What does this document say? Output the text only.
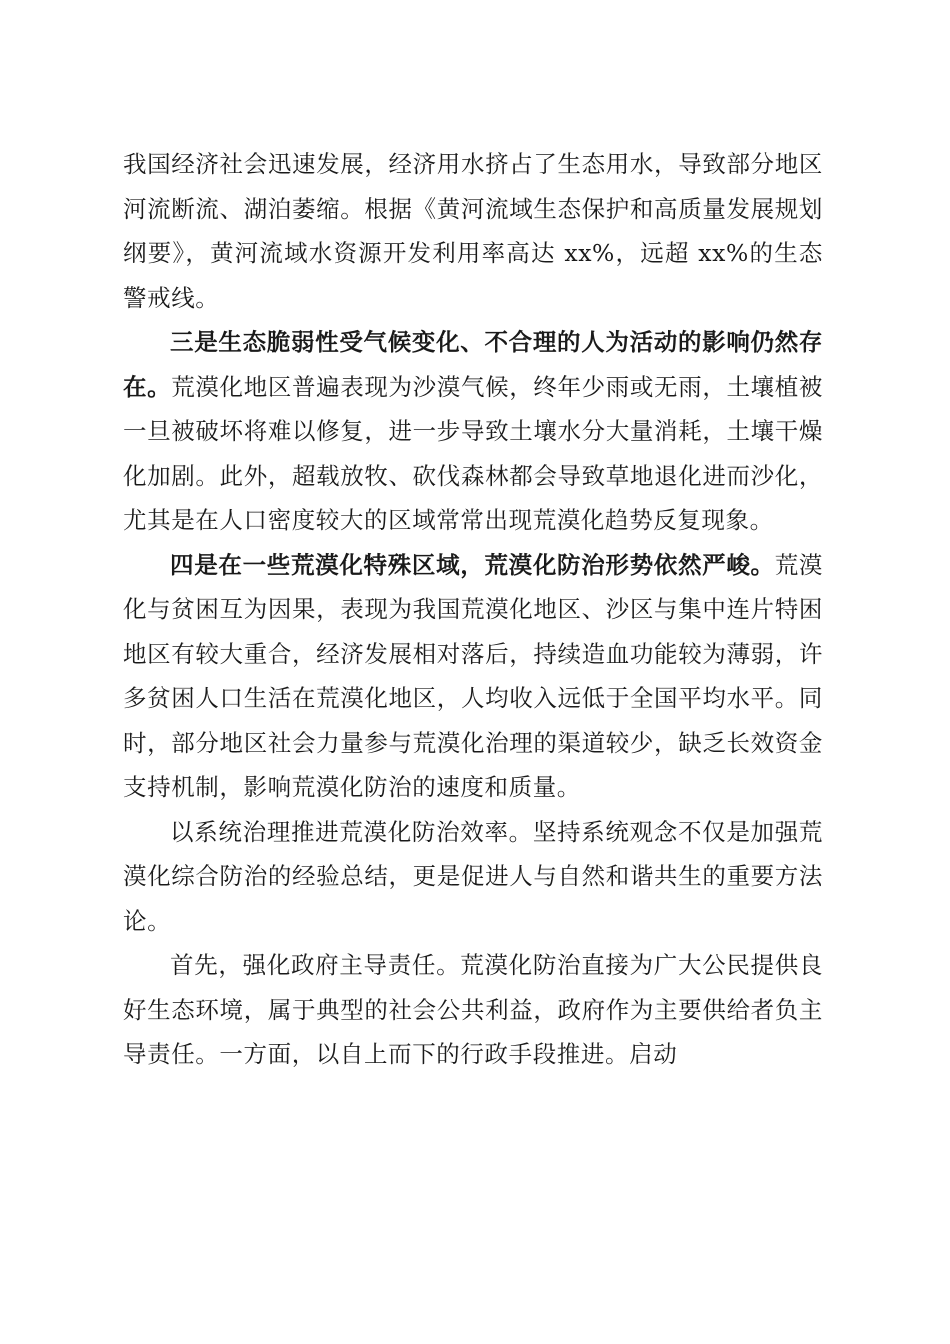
我国经济社会迅速发展，经济用水挤占了生态用水，导致部分地区河流断流、湖泊萎缩。根据《黄河流域生态保护和高质量发展规划纲要》，黄河流域水资源开发利用率高达 xx%，远超 xx%的生态警戒线。

三是生态脆弱性受气候变化、不合理的人为活动的影响仍然存在。荒漠化地区普遍表现为沙漠气候，终年少雨或无雨，土壤植被一旦被破坏将难以修复，进一步导致土壤水分大量消耗，土壤干燥化加剧。此外，超载放牧、砍伐森林都会导致草地退化进而沙化，尤其是在人口密度较大的区域常常出现荒漠化趋势反复现象。

四是在一些荒漠化特殊区域，荒漠化防治形势依然严峻。荒漠化与贫困互为因果，表现为我国荒漠化地区、沙区与集中连片特困地区有较大重合，经济发展相对落后，持续造血功能较为薄弱，许多贫困人口生活在荒漠化地区，人均收入远低于全国平均水平。同时，部分地区社会力量参与荒漠化治理的渠道较少，缺乏长效资金支持机制，影响荒漠化防治的速度和质量。

以系统治理推进荒漠化防治效率。坚持系统观念不仅是加强荒漠化综合防治的经验总结，更是促进人与自然和谐共生的重要方法论。

首先，强化政府主导责任。荒漠化防治直接为广大公民提供良好生态环境，属于典型的社会公共利益，政府作为主要供给者负主导责任。一方面，以自上而下的行政手段推进。启动
